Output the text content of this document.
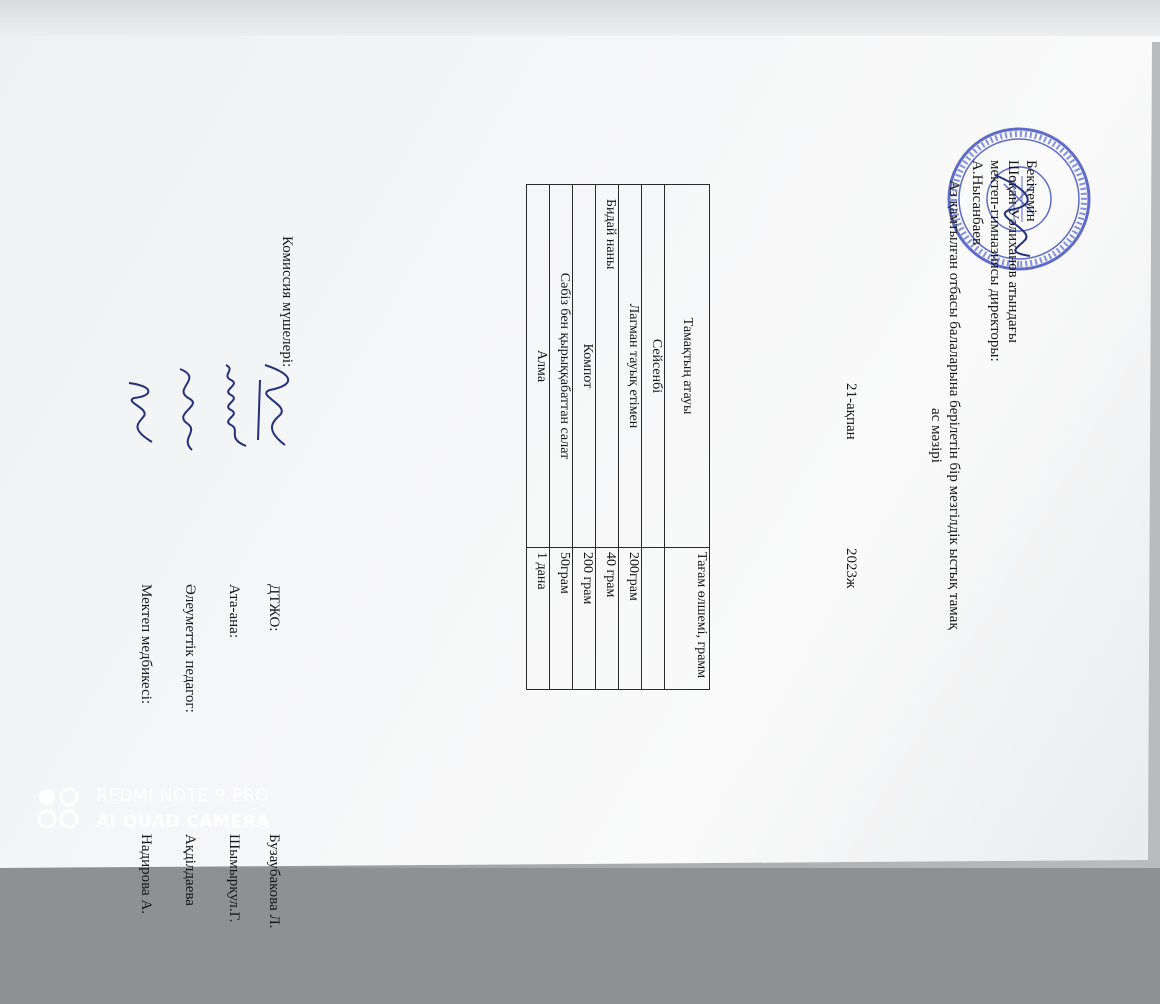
Бекітемін
Шоқан Уәлиханов атындағы
мектеп-гимназиясы директоры:
А.Нысанбаев
Аз қамтылған отбасы балаларына берілетін бір мезгілдік ыстық тамақ
ас мәзірі
21-ақпан
2023ж
Тамақтың атауы	Тағам өлшемі, грамм
Сейсенбі	
Лагман тауық етімен	200грам
Бидай наны	40 грам
Компот	200 грам
Сәбіз бен қырыққабаттан салат	50грам
Алма	1 дана
Комиссия мүшелері:
ДТЖО:
Бузаубакова Л.
Ата-ана:
Шымырқул.Г.
Әлеуметтік педагог:
Ақділдаева
Мектеп медбикесі:
Надирова А.
REDMI NOTE 9 PRO
AI QUAD CAMERA
